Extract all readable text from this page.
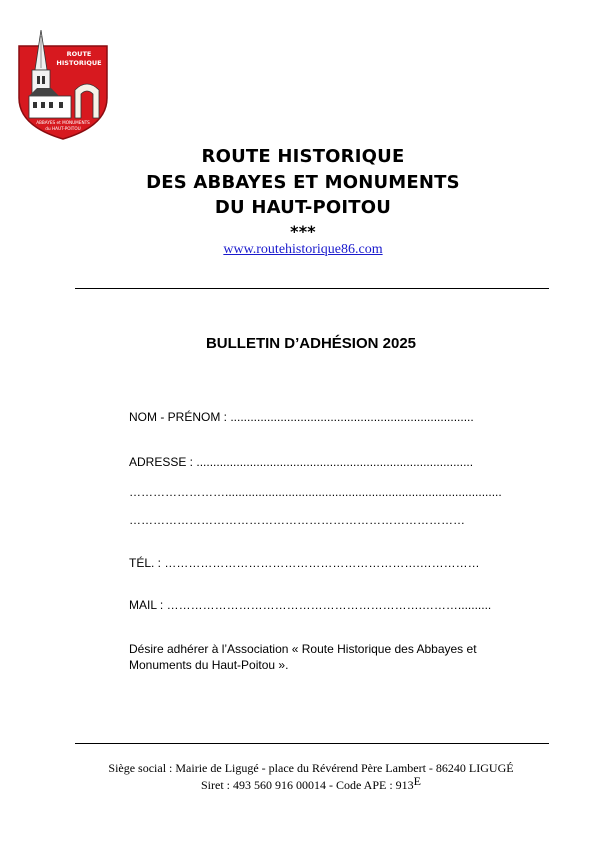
ROUTE
HISTORIQUE
ABBAYES et MONUMENTS
du HAUT-POITOU
ROUTE HISTORIQUE
DES ABBAYES ET MONUMENTS
DU HAUT-POITOU
***
www.routehistorique86.com
BULLETIN D’ADHÉSION 2025
NOM - PRÉNOM : .........................................................................
ADRESSE : ...................................................................................
……………………...................................................................................
…………………………………………………………………………
TÉL. : ……………………………………………………….……………
MAIL : ……………………………………………………….………..........
Désire adhérer à l’Association « Route Historique des Abbayes et Monuments du Haut-Poitou ».
Siège social : Mairie de Ligugé - place du Révérend Père Lambert - 86240 LIGUGÉ
Siret : 493 560 916 00014 - Code APE : 913E
